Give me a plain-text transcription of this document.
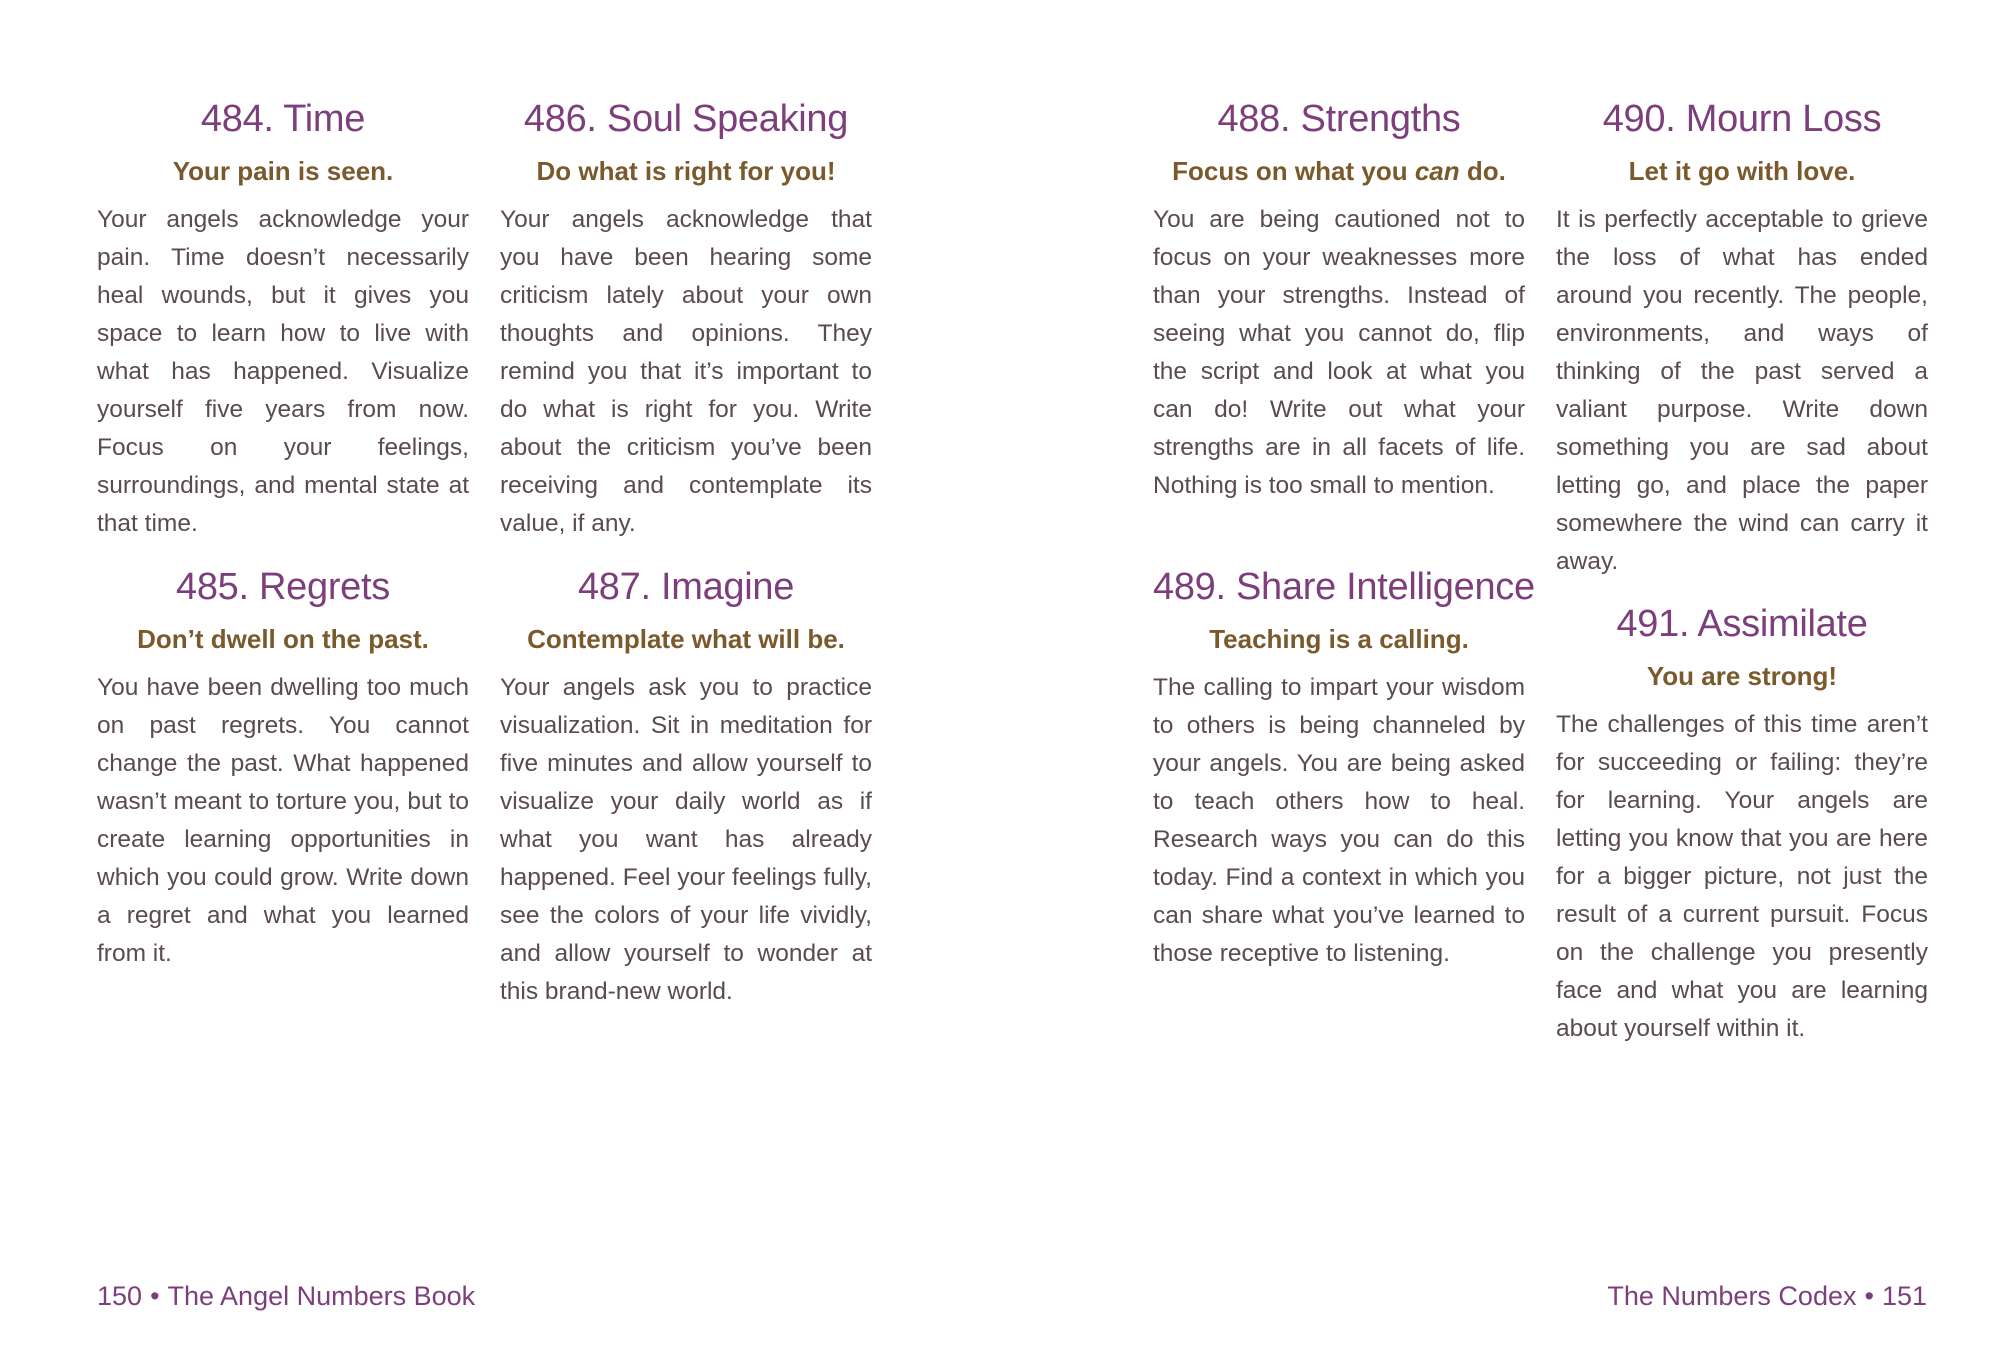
484. Time
Your pain is seen.

Your angels acknowledge your pain. Time doesn’t necessarily heal wounds, but it gives you space to learn how to live with what has happened. Visualize yourself five years from now. Focus on your feelings, surroundings, and mental state at that time.

485. Regrets
Don’t dwell on the past.

You have been dwelling too much on past regrets. You cannot change the past. What happened wasn’t meant to torture you, but to create learning opportunities in which you could grow. Write down a regret and what you learned from it.

486. Soul Speaking
Do what is right for you!

Your angels acknowledge that you have been hearing some criticism lately about your own thoughts and opinions. They remind you that it’s important to do what is right for you. Write about the criticism you’ve been receiving and contemplate its value, if any.

487. Imagine
Contemplate what will be.

Your angels ask you to practice visualization. Sit in meditation for five minutes and allow yourself to visualize your daily world as if what you want has already happened. Feel your feelings fully, see the colors of your life vividly, and allow yourself to wonder at this brand-new world.

488. Strengths
Focus on what you can do.

You are being cautioned not to focus on your weaknesses more than your strengths. Instead of seeing what you cannot do, flip the script and look at what you can do! Write out what your strengths are in all facets of life. Nothing is too small to mention.

489. Share Intelligence
Teaching is a calling.

The calling to impart your wisdom to others is being channeled by your angels. You are being asked to teach others how to heal. Research ways you can do this today. Find a context in which you can share what you’ve learned to those receptive to listening.

490. Mourn Loss
Let it go with love.

It is perfectly acceptable to grieve the loss of what has ended around you recently. The people, environments, and ways of thinking of the past served a valiant purpose. Write down something you are sad about letting go, and place the paper somewhere the wind can carry it away.

491. Assimilate
You are strong!

The challenges of this time aren’t for succeeding or failing: they’re for learning. Your angels are letting you know that you are here for a bigger picture, not just the result of a current pursuit. Focus on the challenge you presently face and what you are learning about yourself within it.

150 • The Angel Numbers Book	The Numbers Codex • 151
